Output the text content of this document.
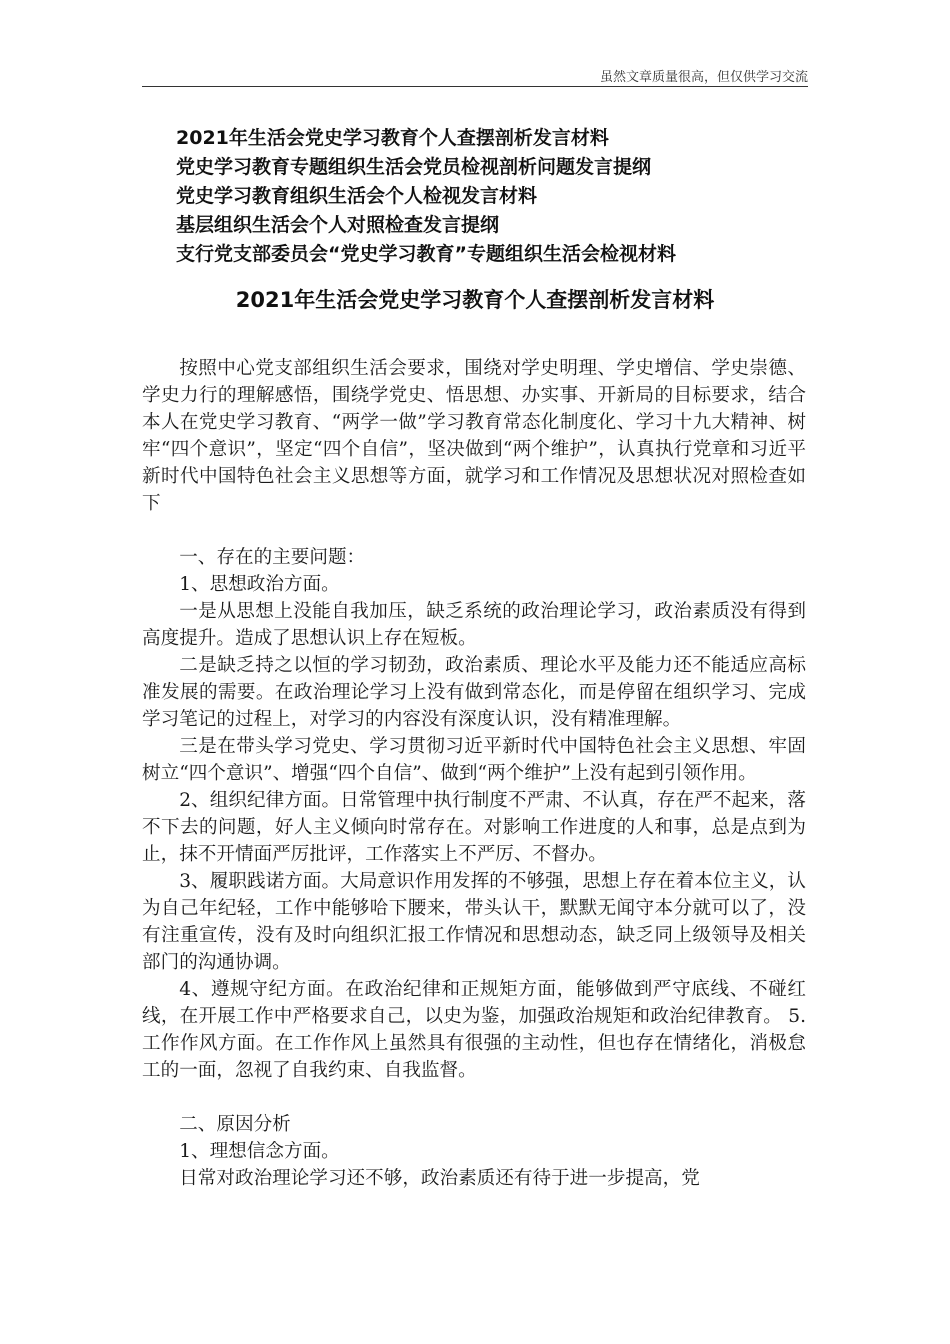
虽然文章质量很高，但仅供学习交流
2021年生活会党史学习教育个人查摆剖析发言材料
党史学习教育专题组织生活会党员检视剖析问题发言提纲
党史学习教育组织生活会个人检视发言材料
基层组织生活会个人对照检查发言提纲
支行党支部委员会“党史学习教育”专题组织生活会检视材料
2021年生活会党史学习教育个人查摆剖析发言材料

按照中心党支部组织生活会要求，围绕对学史明理、学史增信、学史崇德、学史力行的理解感悟，围绕学党史、悟思想、办实事、开新局的目标要求，结合本人在党史学习教育、“两学一做”学习教育常态化制度化、学习十九大精神、树牢“四个意识”，坚定“四个自信”，坚决做到“两个维护”，认真执行党章和习近平新时代中国特色社会主义思想等方面，就学习和工作情况及思想状况对照检查如下

一、存在的主要问题：

1、思想政治方面。

一是从思想上没能自我加压，缺乏系统的政治理论学习，政治素质没有得到高度提升。造成了思想认识上存在短板。

二是缺乏持之以恒的学习韧劲，政治素质、理论水平及能力还不能适应高标准发展的需要。在政治理论学习上没有做到常态化，而是停留在组织学习、完成学习笔记的过程上，对学习的内容没有深度认识，没有精准理解。

三是在带头学习党史、学习贯彻习近平新时代中国特色社会主义思想、牢固树立“四个意识”、增强“四个自信”、做到“两个维护”上没有起到引领作用。

2、组织纪律方面。日常管理中执行制度不严肃、不认真，存在严不起来，落不下去的问题，好人主义倾向时常存在。对影响工作进度的人和事，总是点到为止，抹不开情面严厉批评，工作落实上不严厉、不督办。

3、履职践诺方面。大局意识作用发挥的不够强，思想上存在着本位主义，认为自己年纪轻，工作中能够哈下腰来，带头认干，默默无闻守本分就可以了，没有注重宣传，没有及时向组织汇报工作情况和思想动态，缺乏同上级领导及相关部门的沟通协调。

4、遵规守纪方面。在政治纪律和正规矩方面，能够做到严守底线、不碰红线，在开展工作中严格要求自己，以史为鉴，加强政治规矩和政治纪律教育。 5. 工作作风方面。在工作作风上虽然具有很强的主动性，但也存在情绪化，消极怠工的一面，忽视了自我约束、自我监督。

二、原因分析

1、理想信念方面。

日常对政治理论学习还不够，政治素质还有待于进一步提高，党
